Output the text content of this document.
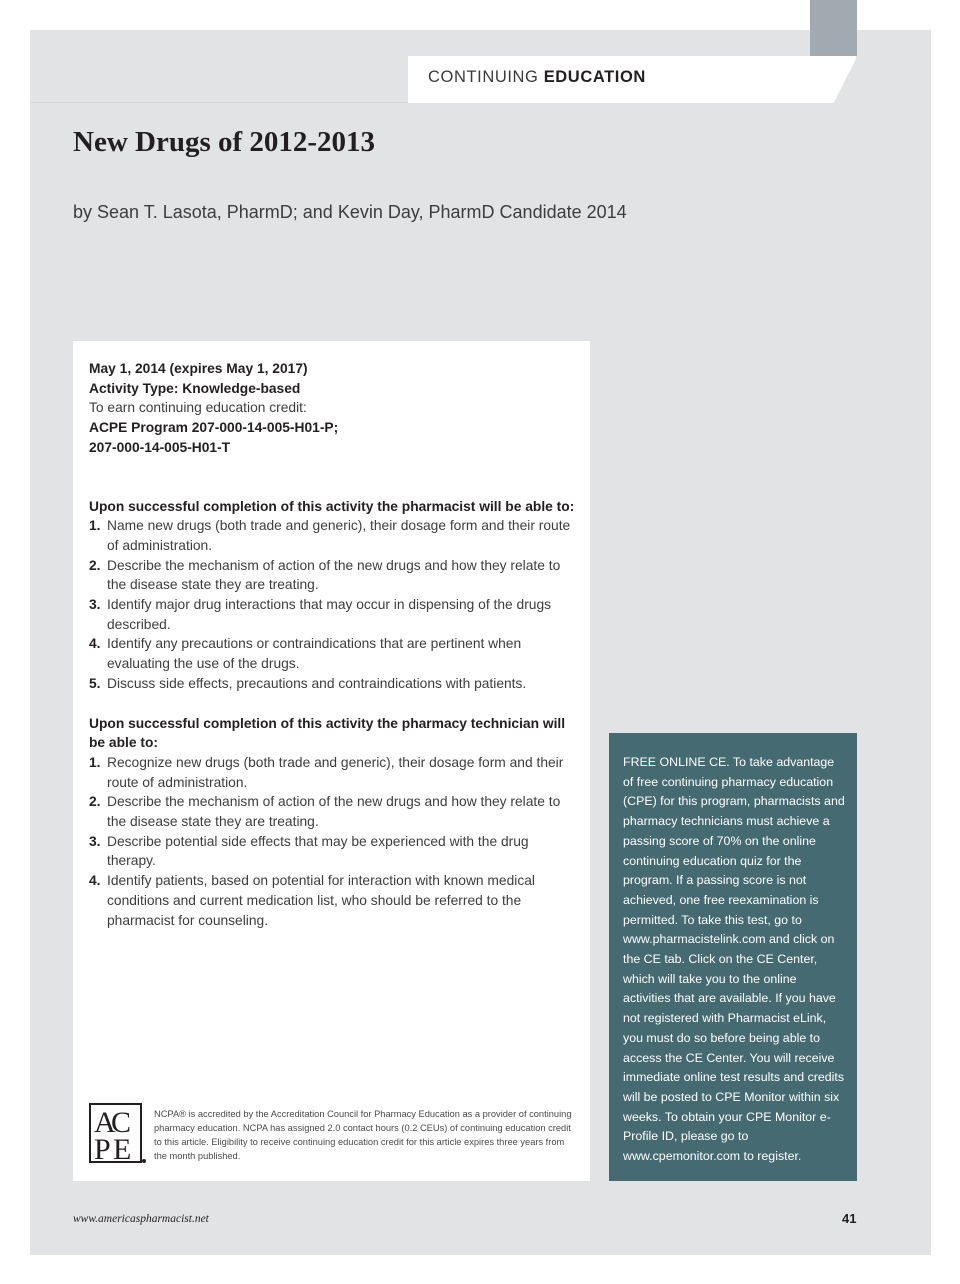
CONTINUING EDUCATION
New Drugs of 2012-2013
by Sean T. Lasota, PharmD; and Kevin Day, PharmD Candidate 2014
May 1, 2014 (expires May 1, 2017)
Activity Type: Knowledge-based
To earn continuing education credit:
ACPE Program 207-000-14-005-H01-P;
207-000-14-005-H01-T
Upon successful completion of this activity the pharmacist will be able to:
1. Name new drugs (both trade and generic), their dosage form and their route of administration.
2. Describe the mechanism of action of the new drugs and how they relate to the disease state they are treating.
3. Identify major drug interactions that may occur in dispensing of the drugs described.
4. Identify any precautions or contraindications that are pertinent when evaluating the use of the drugs.
5. Discuss side effects, precautions and contraindications with patients.
Upon successful completion of this activity the pharmacy technician will be able to:
1. Recognize new drugs (both trade and generic), their dosage form and their route of administration.
2. Describe the mechanism of action of the new drugs and how they relate to the disease state they are treating.
3. Describe potential side effects that may be experienced with the drug therapy.
4. Identify patients, based on potential for interaction with known medical conditions and current medication list, who should be referred to the pharmacist for counseling.
A
C
P E
NCPA® is accredited by the Accreditation Council for Pharmacy Education as a provider of continuing pharmacy education. NCPA has assigned 2.0 contact hours (0.2 CEUs) of continuing education credit to this article. Eligibility to receive continuing education credit for this article expires three years from the month published.
FREE ONLINE CE. To take advantage of free continuing pharmacy education (CPE) for this program, pharmacists and pharmacy technicians must achieve a passing score of 70% on the online continuing education quiz for the program. If a passing score is not achieved, one free reexamination is permitted. To take this test, go to www.pharmacistelink.com and click on the CE tab. Click on the CE Center, which will take you to the online activities that are available. If you have not registered with Pharmacist eLink, you must do so before being able to access the CE Center. You will receive immediate online test results and credits will be posted to CPE Monitor within six weeks. To obtain your CPE Monitor e-Profile ID, please go to www.cpemonitor.com to register.
www.americaspharmacist.net	41
